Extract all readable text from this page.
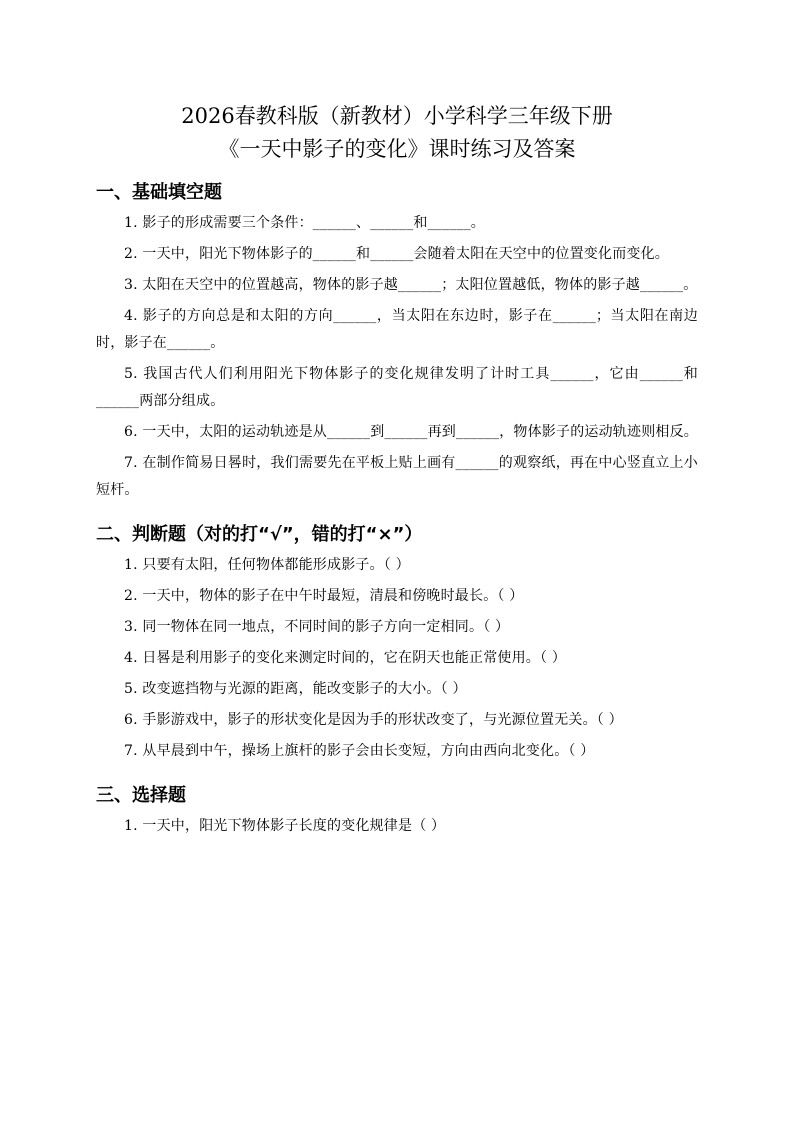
2026春教科版（新教材）小学科学三年级下册
《一天中影子的变化》课时练习及答案
一、基础填空题

1. 影子的形成需要三个条件：______、______和______。

2. 一天中，阳光下物体影子的______和______会随着太阳在天空中的位置变化而变化。

3. 太阳在天空中的位置越高，物体的影子越______；太阳位置越低，物体的影子越______。

4. 影子的方向总是和太阳的方向______，当太阳在东边时，影子在______；当太阳在南边时，影子在______。

5. 我国古代人们利用阳光下物体影子的变化规律发明了计时工具______，它由______和______两部分组成。

6. 一天中，太阳的运动轨迹是从______到______再到______，物体影子的运动轨迹则相反。

7. 在制作简易日晷时，我们需要先在平板上贴上画有______的观察纸，再在中心竖直立上小短杆。

二、判断题（对的打“√”，错的打“×”）

1. 只要有太阳，任何物体都能形成影子。（ ）

2. 一天中，物体的影子在中午时最短，清晨和傍晚时最长。（ ）

3. 同一物体在同一地点，不同时间的影子方向一定相同。（ ）

4. 日晷是利用影子的变化来测定时间的，它在阴天也能正常使用。（ ）

5. 改变遮挡物与光源的距离，能改变影子的大小。（ ）

6. 手影游戏中，影子的形状变化是因为手的形状改变了，与光源位置无关。（ ）

7. 从早晨到中午，操场上旗杆的影子会由长变短，方向由西向北变化。（ ）

三、选择题

1. 一天中，阳光下物体影子长度的变化规律是（ ）
